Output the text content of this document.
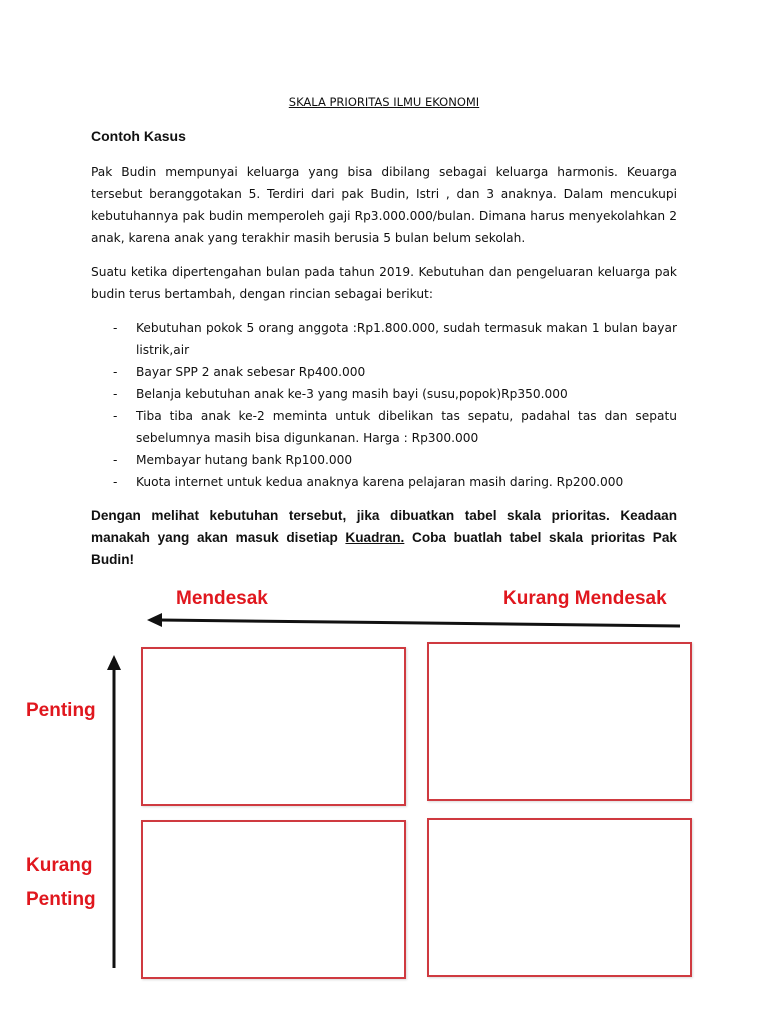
SKALA PRIORITAS ILMU EKONOMI
Contoh Kasus

Pak Budin mempunyai keluarga yang bisa dibilang sebagai keluarga harmonis. Keuarga tersebut beranggotakan 5. Terdiri dari pak Budin, Istri , dan 3 anaknya. Dalam mencukupi kebutuhannya pak budin memperoleh gaji Rp3.000.000/bulan. Dimana harus menyekolahkan 2 anak, karena anak yang terakhir masih berusia 5 bulan belum sekolah.

Suatu ketika dipertengahan bulan pada tahun 2019. Kebutuhan dan pengeluaran keluarga pak budin terus bertambah, dengan rincian sebagai berikut:

- Kebutuhan pokok 5 orang anggota :Rp1.800.000, sudah termasuk makan 1 bulan bayar listrik,air
- Bayar SPP 2 anak sebesar Rp400.000
- Belanja kebutuhan anak ke-3 yang masih bayi (susu,popok)Rp350.000
- Tiba tiba anak ke-2 meminta untuk dibelikan tas sepatu, padahal tas dan sepatu sebelumnya masih bisa digunkanan. Harga : Rp300.000
- Membayar hutang bank Rp100.000
- Kuota internet untuk kedua anaknya karena pelajaran masih daring. Rp200.000

Dengan melihat kebutuhan tersebut, jika dibuatkan tabel skala prioritas. Keadaan manakah yang akan masuk disetiap Kuadran. Coba buatlah tabel skala prioritas Pak Budin!

Mendesak	Kurang Mendesak
Penting
Kurang Penting
